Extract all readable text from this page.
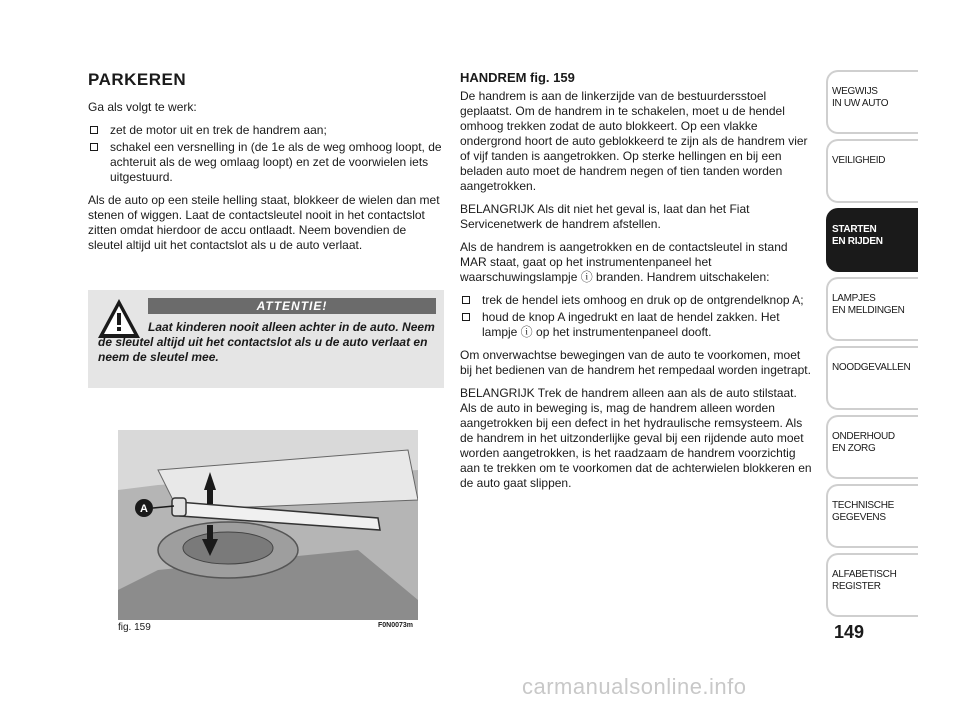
PARKEREN

Ga als volgt te werk:

zet de motor uit en trek de handrem aan;
schakel een versnelling in (de 1e als de weg omhoog loopt, de achteruit als de weg omlaag loopt) en zet de voorwielen iets uitgestuurd.

Als de auto op een steile helling staat, blokkeer de wielen dan met stenen of wiggen. Laat de contactsleutel nooit in het contactslot zitten omdat hierdoor de accu ontlaadt. Neem bovendien de sleutel altijd uit het contactslot als u de auto verlaat.

ATTENTIE!
Laat kinderen nooit alleen achter in de auto. Neem de sleutel altijd uit het contactslot als u de auto verlaat en neem de sleutel mee.
A
fig. 159	F0N0073m
HANDREM fig. 159

De handrem is aan de linkerzijde van de bestuurdersstoel geplaatst. Om de handrem in te schakelen, moet u de hendel omhoog trekken zodat de auto blokkeert. Op een vlakke ondergrond hoort de auto geblokkeerd te zijn als de handrem vier of vijf tanden is aangetrokken. Op sterke hellingen en bij een beladen auto moet de handrem negen of tien tanden worden aangetrokken.

BELANGRIJK Als dit niet het geval is, laat dan het Fiat Servicenetwerk de handrem afstellen.

Als de handrem is aangetrokken en de contactsleutel in stand MAR staat, gaat op het instrumentenpaneel het waarschuwingslampje ⓘ branden. Handrem uitschakelen:

trek de hendel iets omhoog en druk op de ontgrendelknop A;
houd de knop A ingedrukt en laat de hendel zakken. Het lampje ⓘ op het instrumentenpaneel dooft.

Om onverwachtse bewegingen van de auto te voorkomen, moet bij het bedienen van de handrem het rempedaal worden ingetrapt.

BELANGRIJK Trek de handrem alleen aan als de auto stilstaat. Als de auto in beweging is, mag de handrem alleen worden aangetrokken bij een defect in het hydraulische remsysteem. Als de handrem in het uitzonderlijke geval bij een rijdende auto moet worden aangetrokken, is het raadzaam de handrem voorzichtig aan te trekken om te voorkomen dat de achterwielen blokkeren en de auto gaat slippen.

WEGWIJS
IN UW AUTO
VEILIGHEID
STARTEN
EN RIJDEN
LAMPJES
EN MELDINGEN
NOODGEVALLEN
ONDERHOUD
EN ZORG
TECHNISCHE
GEGEVENS
ALFABETISCH
REGISTER
149
carmanualsonline.info
